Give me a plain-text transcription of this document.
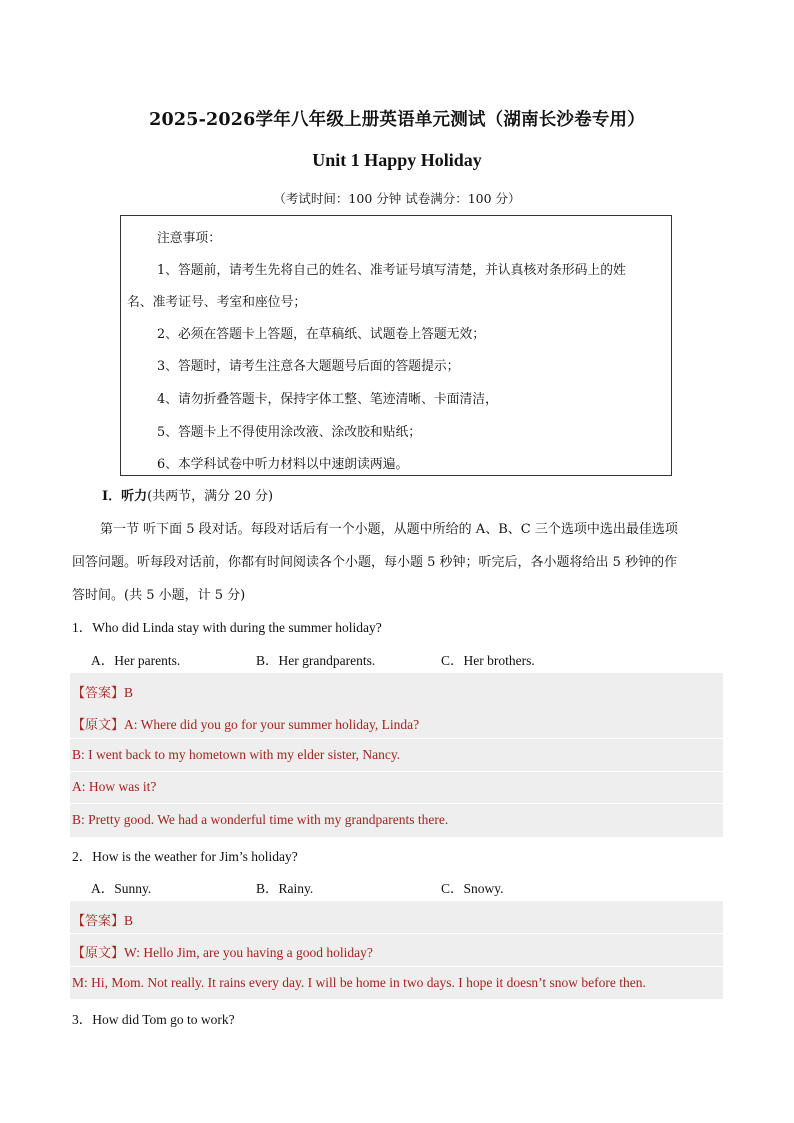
2025-2026学年八年级上册英语单元测试（湖南长沙卷专用）
Unit 1 Happy Holiday
（考试时间：100 分钟 试卷满分：100 分）
注意事项：
1、答题前，请考生先将自己的姓名、准考证号填写清楚，并认真核对条形码上的姓
名、准考证号、考室和座位号；
2、必须在答题卡上答题，在草稿纸、试题卷上答题无效；
3、答题时，请考生注意各大题题号后面的答题提示；
4、请勿折叠答题卡，保持字体工整、笔迹清晰、卡面清洁，
5、答题卡上不得使用涂改液、涂改胶和贴纸；
6、本学科试卷中听力材料以中速朗读两遍。
I．听力(共两节，满分 20 分)
第一节 听下面 5 段对话。每段对话后有一个小题，从题中所给的 A、B、C 三个选项中选出最佳选项
回答问题。听每段对话前，你都有时间阅读各个小题，每小题 5 秒钟；听完后，各小题将给出 5 秒钟的作
答时间。(共 5 小题，计 5 分)
1．Who did Linda stay with during the summer holiday?
A．Her parents.	B．Her grandparents.	C．Her brothers.
【答案】B
【原文】A: Where did you go for your summer holiday, Linda?
B: I went back to my hometown with my elder sister, Nancy.
A: How was it?
B: Pretty good. We had a wonderful time with my grandparents there.
2．How is the weather for Jim’s holiday?
A．Sunny.	B．Rainy.	C．Snowy.
【答案】B
【原文】W: Hello Jim, are you having a good holiday?
M: Hi, Mom. Not really. It rains every day. I will be home in two days. I hope it doesn’t snow before then.
3．How did Tom go to work?
